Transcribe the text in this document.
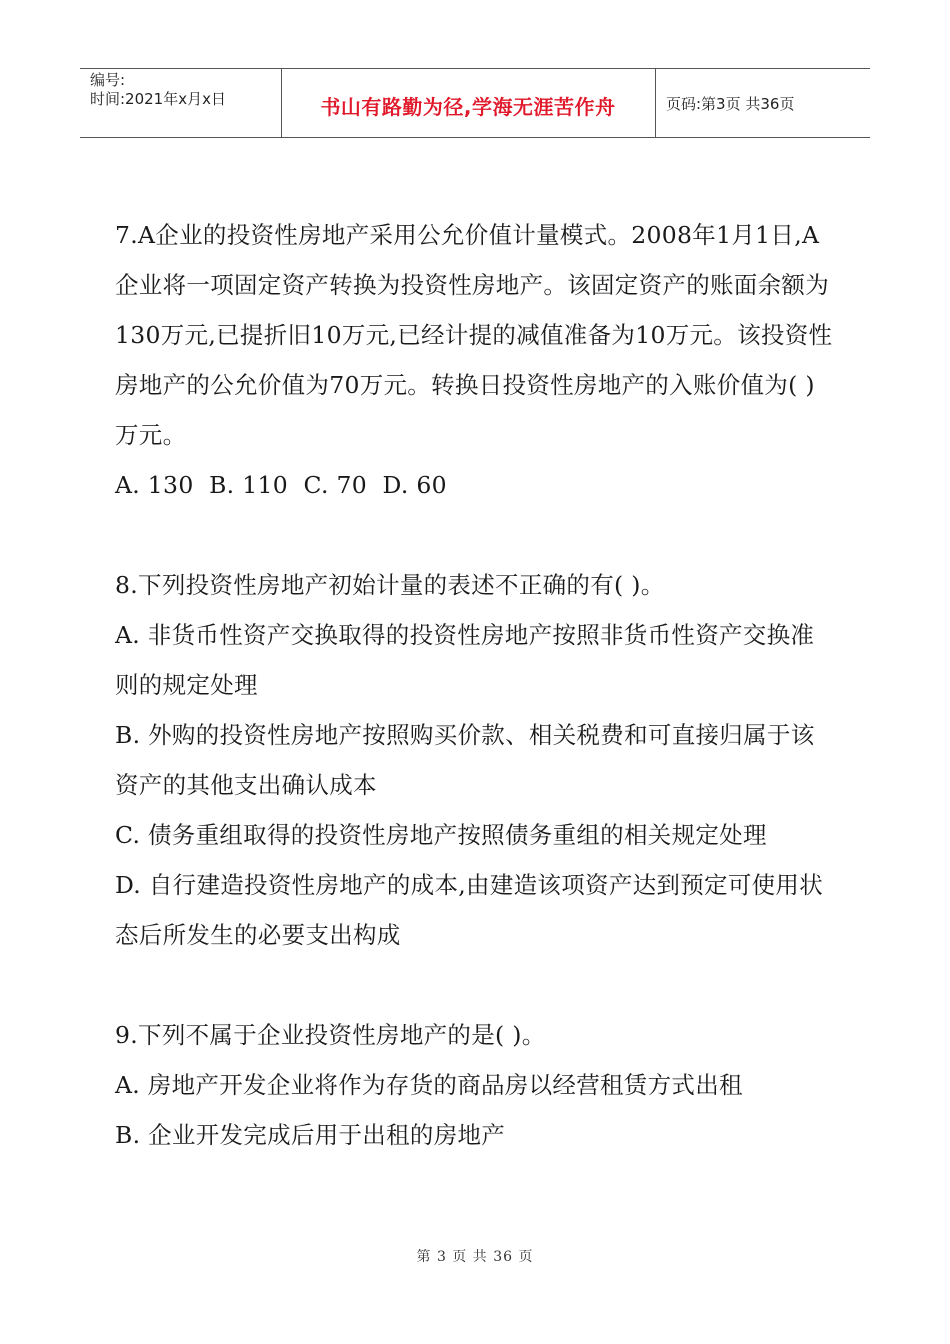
编号:
时间:2021年x月x日	书山有路勤为径,学海无涯苦作舟	页码:第3页 共36页

7.A企业的投资性房地产采用公允价值计量模式。2008年1月1日,A企业将一项固定资产转换为投资性房地产。该固定资产的账面余额为130万元,已提折旧10万元,已经计提的减值准备为10万元。该投资性房地产的公允价值为70万元。转换日投资性房地产的入账价值为( )万元。

A. 130  B. 110  C. 70  D. 60

8.下列投资性房地产初始计量的表述不正确的有( )。

A. 非货币性资产交换取得的投资性房地产按照非货币性资产交换准则的规定处理

B. 外购的投资性房地产按照购买价款、相关税费和可直接归属于该资产的其他支出确认成本

C. 债务重组取得的投资性房地产按照债务重组的相关规定处理

D. 自行建造投资性房地产的成本,由建造该项资产达到预定可使用状态后所发生的必要支出构成

9.下列不属于企业投资性房地产的是( )。

A. 房地产开发企业将作为存货的商品房以经营租赁方式出租

B. 企业开发完成后用于出租的房地产

第 3 页 共 36 页
